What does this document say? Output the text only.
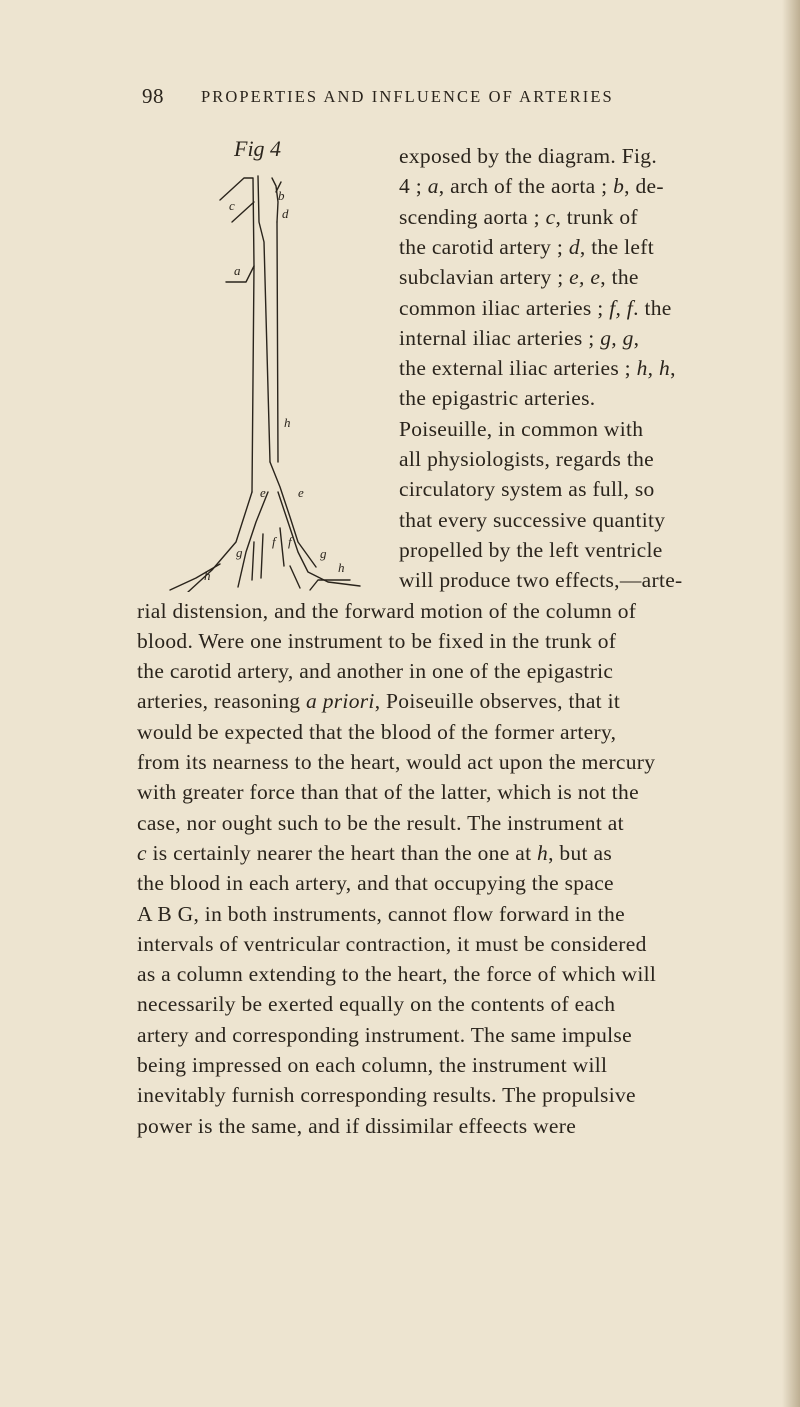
98 PROPERTIES AND INFLUENCE OF ARTERIES
Fig 4
c
b
d
a
h
e e
f f
g	g
h
h
exposed by the diagram. Fig.
4 ; a, arch of the aorta ; b, de-
scending aorta ; c, trunk of
the carotid artery ; d, the left
subclavian artery ; e, e, the
common iliac arteries ; f, f. the
internal iliac arteries ; g, g,
the external iliac arteries ; h, h,
the epigastric arteries.
Poiseuille, in common with
all physiologists, regards the
circulatory system as full, so
that every successive quantity
propelled by the left ventricle
will produce two effects,—arte-
rial distension, and the forward motion of the column of
blood. Were one instrument to be fixed in the trunk of
the carotid artery, and another in one of the epigastric
arteries, reasoning a priori, Poiseuille observes, that it
would be expected that the blood of the former artery,
from its nearness to the heart, would act upon the mercury
with greater force than that of the latter, which is not the
case, nor ought such to be the result. The instrument at
c is certainly nearer the heart than the one at h, but as
the blood in each artery, and that occupying the space
A B G, in both instruments, cannot flow forward in the
intervals of ventricular contraction, it must be considered
as a column extending to the heart, the force of which will
necessarily be exerted equally on the contents of each
artery and corresponding instrument. The same impulse
being impressed on each column, the instrument will
inevitably furnish corresponding results. The propulsive
power is the same, and if dissimilar effeects were
